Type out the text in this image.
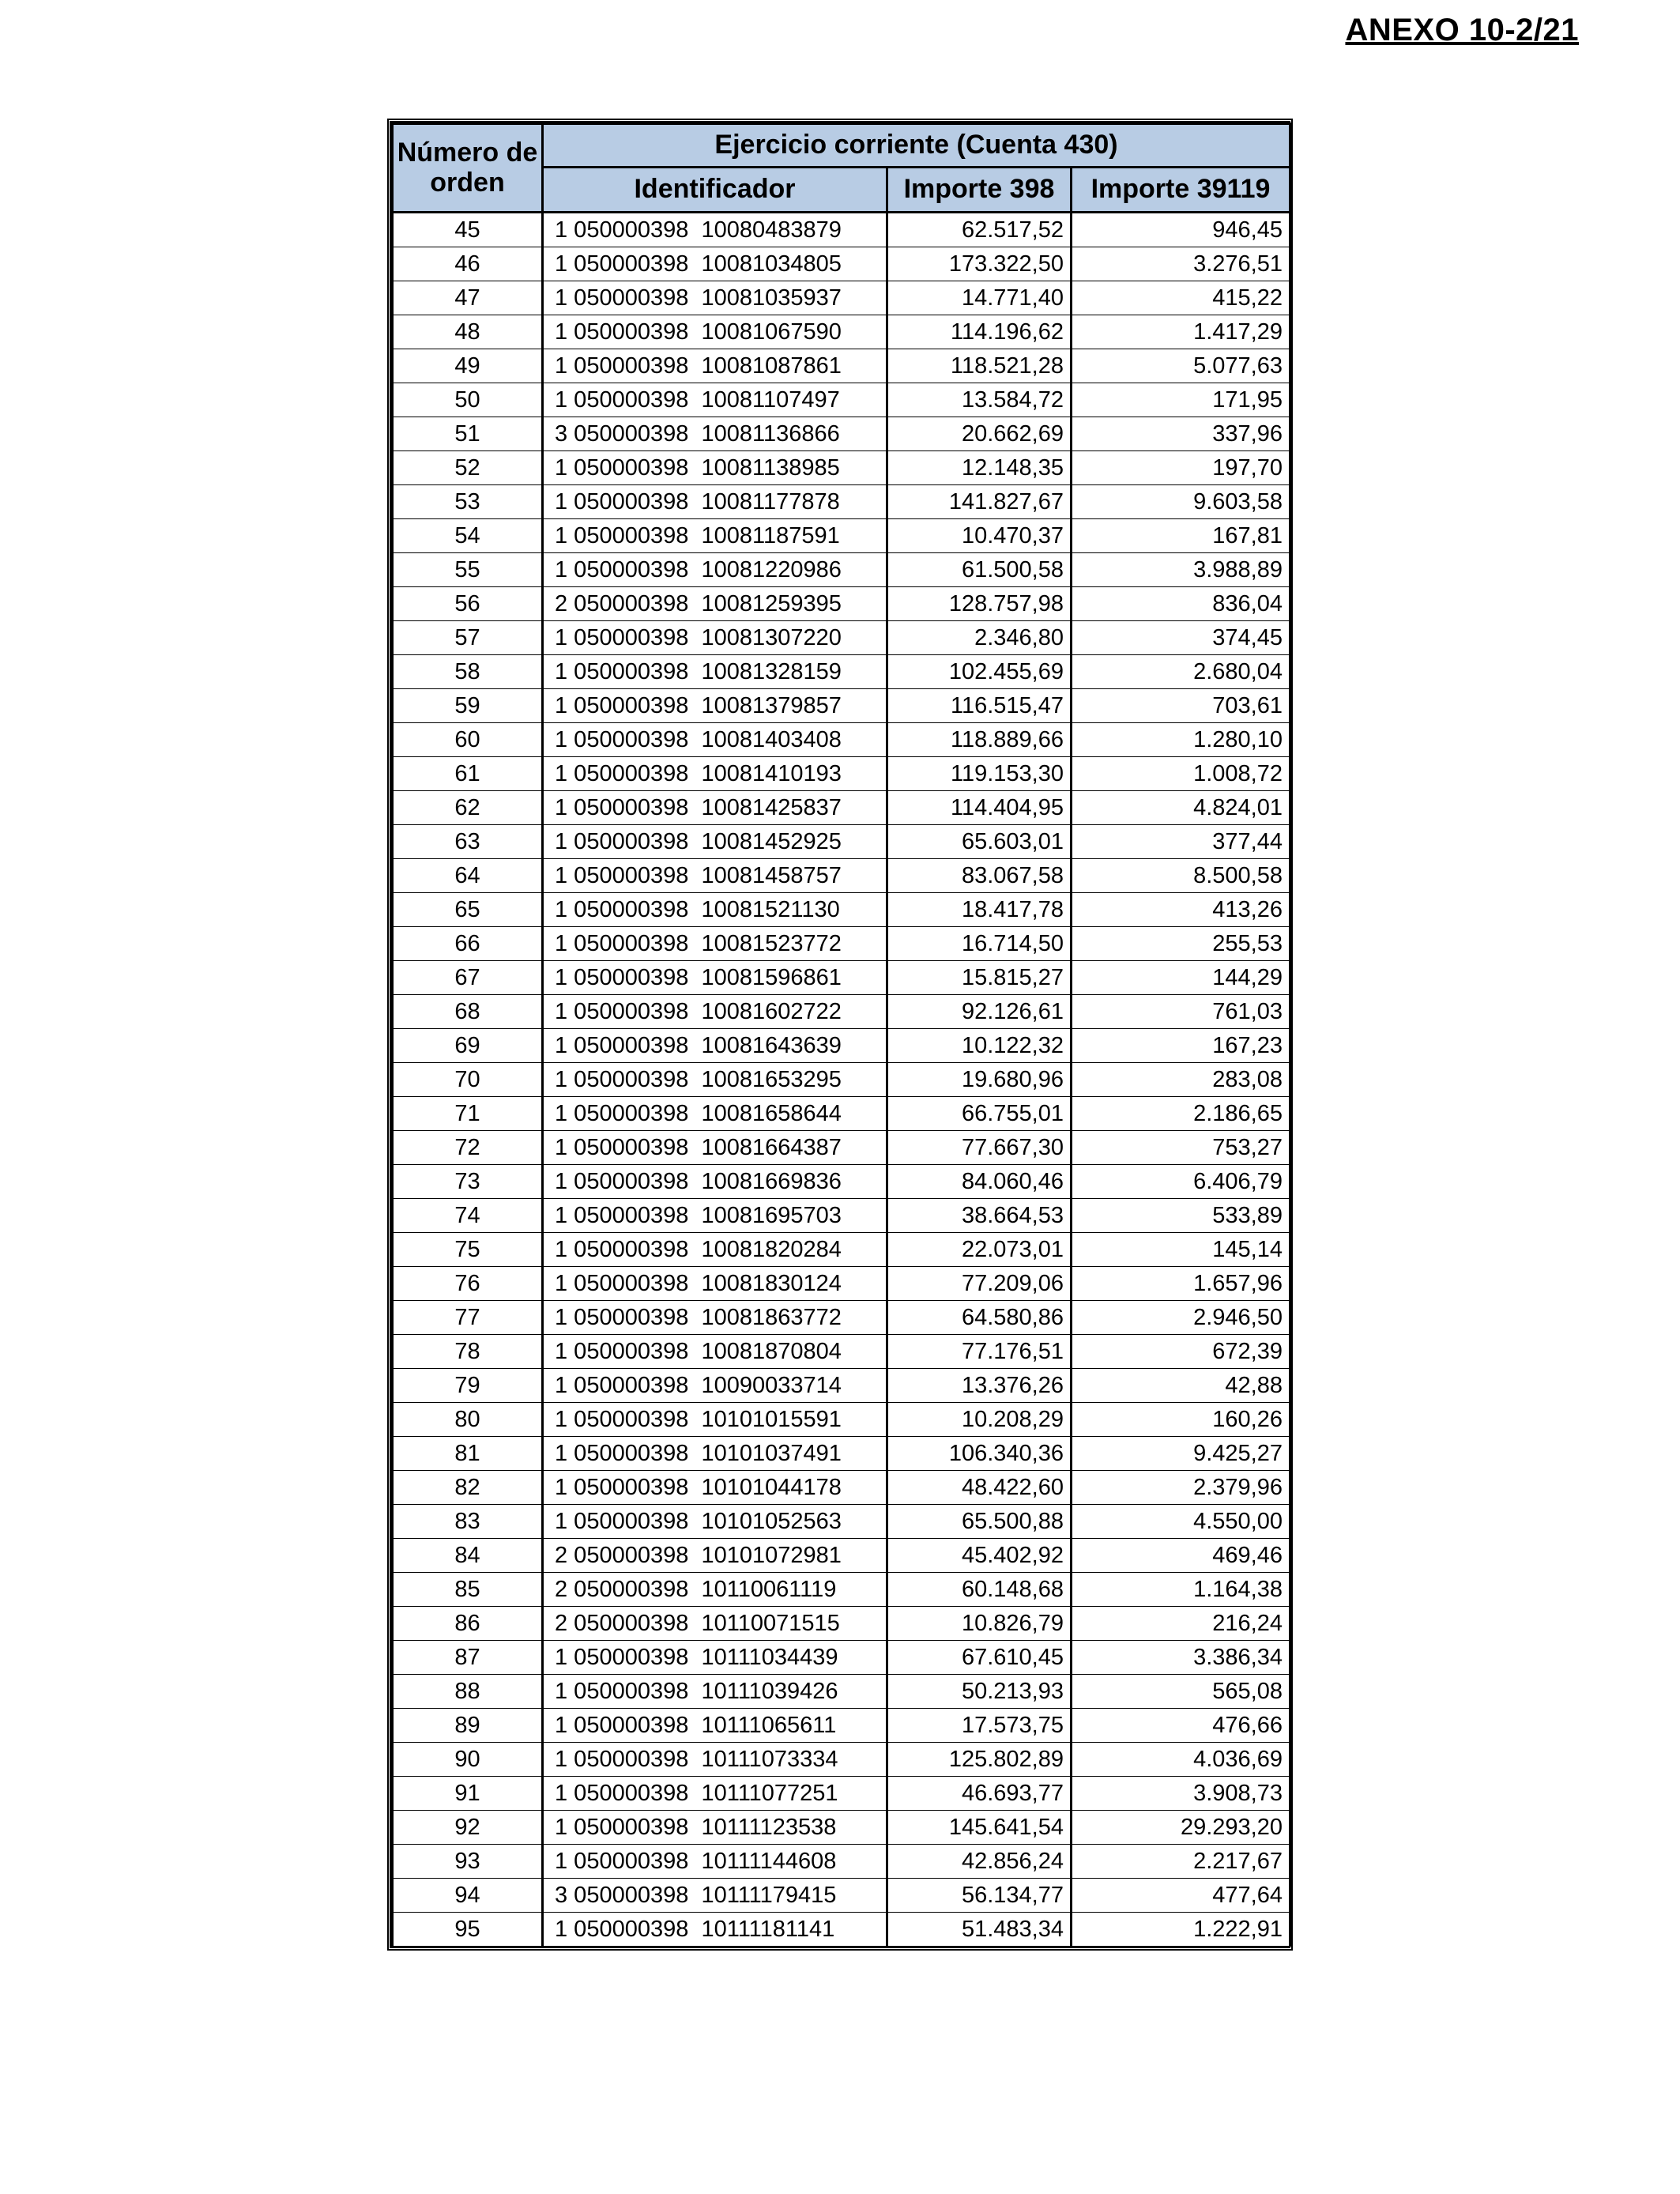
ANEXO 10-2/21
Número de orden	Ejercicio corriente (Cuenta 430)		
	Identificador	Importe 398	Importe 39119
45	1 050000398  10080483879	62.517,52	946,45
46	1 050000398  10081034805	173.322,50	3.276,51
47	1 050000398  10081035937	14.771,40	415,22
48	1 050000398  10081067590	114.196,62	1.417,29
49	1 050000398  10081087861	118.521,28	5.077,63
50	1 050000398  10081107497	13.584,72	171,95
51	3 050000398  10081136866	20.662,69	337,96
52	1 050000398  10081138985	12.148,35	197,70
53	1 050000398  10081177878	141.827,67	9.603,58
54	1 050000398  10081187591	10.470,37	167,81
55	1 050000398  10081220986	61.500,58	3.988,89
56	2 050000398  10081259395	128.757,98	836,04
57	1 050000398  10081307220	2.346,80	374,45
58	1 050000398  10081328159	102.455,69	2.680,04
59	1 050000398  10081379857	116.515,47	703,61
60	1 050000398  10081403408	118.889,66	1.280,10
61	1 050000398  10081410193	119.153,30	1.008,72
62	1 050000398  10081425837	114.404,95	4.824,01
63	1 050000398  10081452925	65.603,01	377,44
64	1 050000398  10081458757	83.067,58	8.500,58
65	1 050000398  10081521130	18.417,78	413,26
66	1 050000398  10081523772	16.714,50	255,53
67	1 050000398  10081596861	15.815,27	144,29
68	1 050000398  10081602722	92.126,61	761,03
69	1 050000398  10081643639	10.122,32	167,23
70	1 050000398  10081653295	19.680,96	283,08
71	1 050000398  10081658644	66.755,01	2.186,65
72	1 050000398  10081664387	77.667,30	753,27
73	1 050000398  10081669836	84.060,46	6.406,79
74	1 050000398  10081695703	38.664,53	533,89
75	1 050000398  10081820284	22.073,01	145,14
76	1 050000398  10081830124	77.209,06	1.657,96
77	1 050000398  10081863772	64.580,86	2.946,50
78	1 050000398  10081870804	77.176,51	672,39
79	1 050000398  10090033714	13.376,26	42,88
80	1 050000398  10101015591	10.208,29	160,26
81	1 050000398  10101037491	106.340,36	9.425,27
82	1 050000398  10101044178	48.422,60	2.379,96
83	1 050000398  10101052563	65.500,88	4.550,00
84	2 050000398  10101072981	45.402,92	469,46
85	2 050000398  10110061119	60.148,68	1.164,38
86	2 050000398  10110071515	10.826,79	216,24
87	1 050000398  10111034439	67.610,45	3.386,34
88	1 050000398  10111039426	50.213,93	565,08
89	1 050000398  10111065611	17.573,75	476,66
90	1 050000398  10111073334	125.802,89	4.036,69
91	1 050000398  10111077251	46.693,77	3.908,73
92	1 050000398  10111123538	145.641,54	29.293,20
93	1 050000398  10111144608	42.856,24	2.217,67
94	3 050000398  10111179415	56.134,77	477,64
95	1 050000398  10111181141	51.483,34	1.222,91
